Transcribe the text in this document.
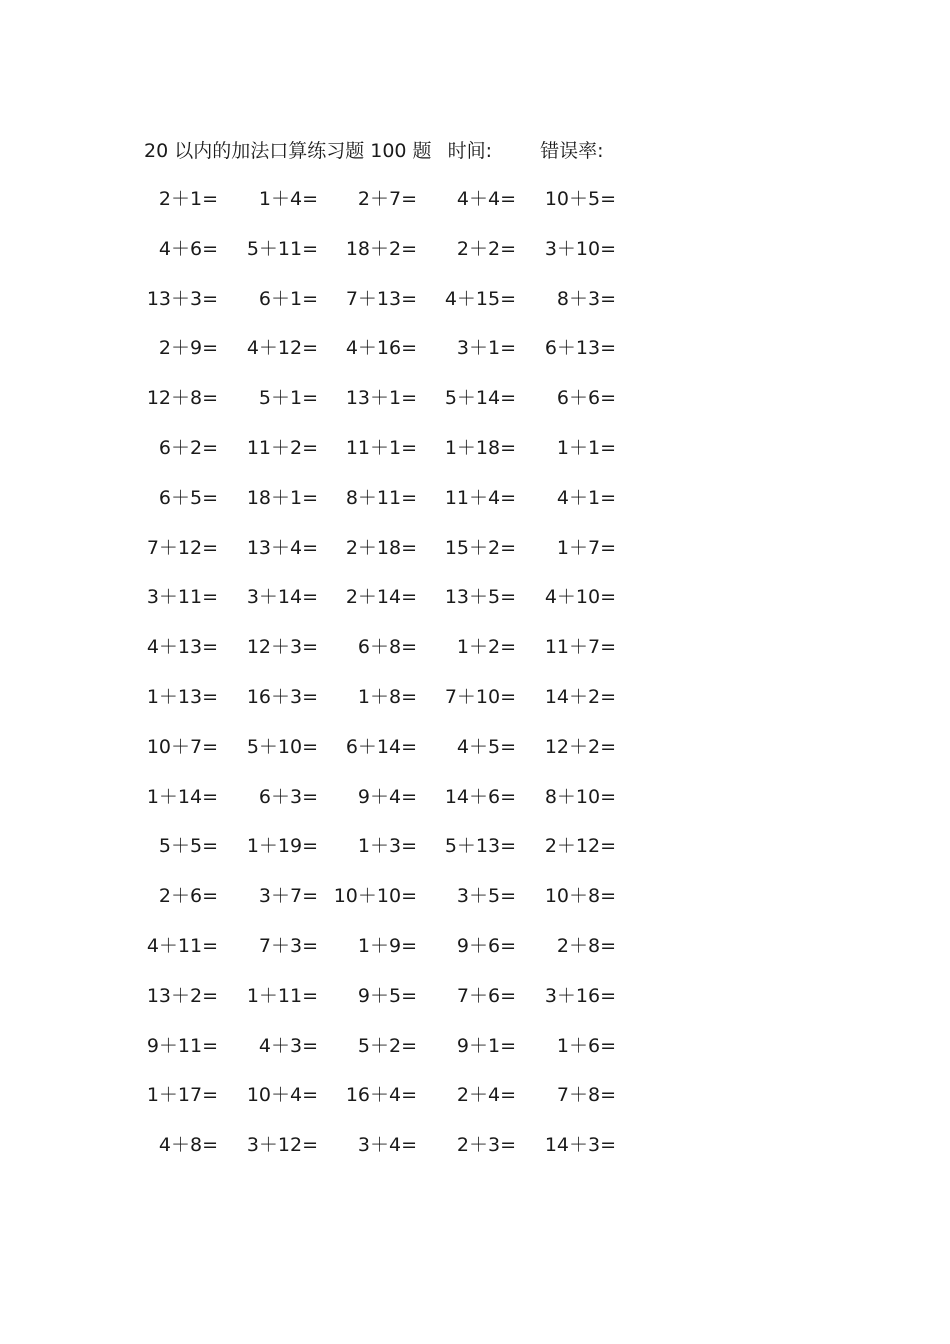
20 以内的加法口算练习题 100 题 时间:	错误率:
2＋1= 1＋4= 2＋7= 4＋4= 10＋5=
4＋6= 5＋11= 18＋2= 2＋2= 3＋10=
13＋3= 6＋1= 7＋13= 4＋15= 8＋3=
2＋9= 4＋12= 4＋16= 3＋1= 6＋13=
12＋8= 5＋1= 13＋1= 5＋14= 6＋6=
6＋2= 11＋2= 11＋1= 1＋18= 1＋1=
6＋5= 18＋1= 8＋11= 11＋4= 4＋1=
7＋12= 13＋4= 2＋18= 15＋2= 1＋7=
3＋11= 3＋14= 2＋14= 13＋5= 4＋10=
4＋13= 12＋3= 6＋8= 1＋2= 11＋7=
1＋13= 16＋3= 1＋8= 7＋10= 14＋2=
10＋7= 5＋10= 6＋14= 4＋5= 12＋2=
1＋14= 6＋3= 9＋4= 14＋6= 8＋10=
5＋5= 1＋19= 1＋3= 5＋13= 2＋12=
2＋6= 3＋7= 10＋10= 3＋5= 10＋8=
4＋11= 7＋3= 1＋9= 9＋6= 2＋8=
13＋2= 1＋11= 9＋5= 7＋6= 3＋16=
9＋11= 4＋3= 5＋2= 9＋1= 1＋6=
1＋17= 10＋4= 16＋4= 2＋4= 7＋8=
4＋8= 3＋12= 3＋4= 2＋3= 14＋3=
